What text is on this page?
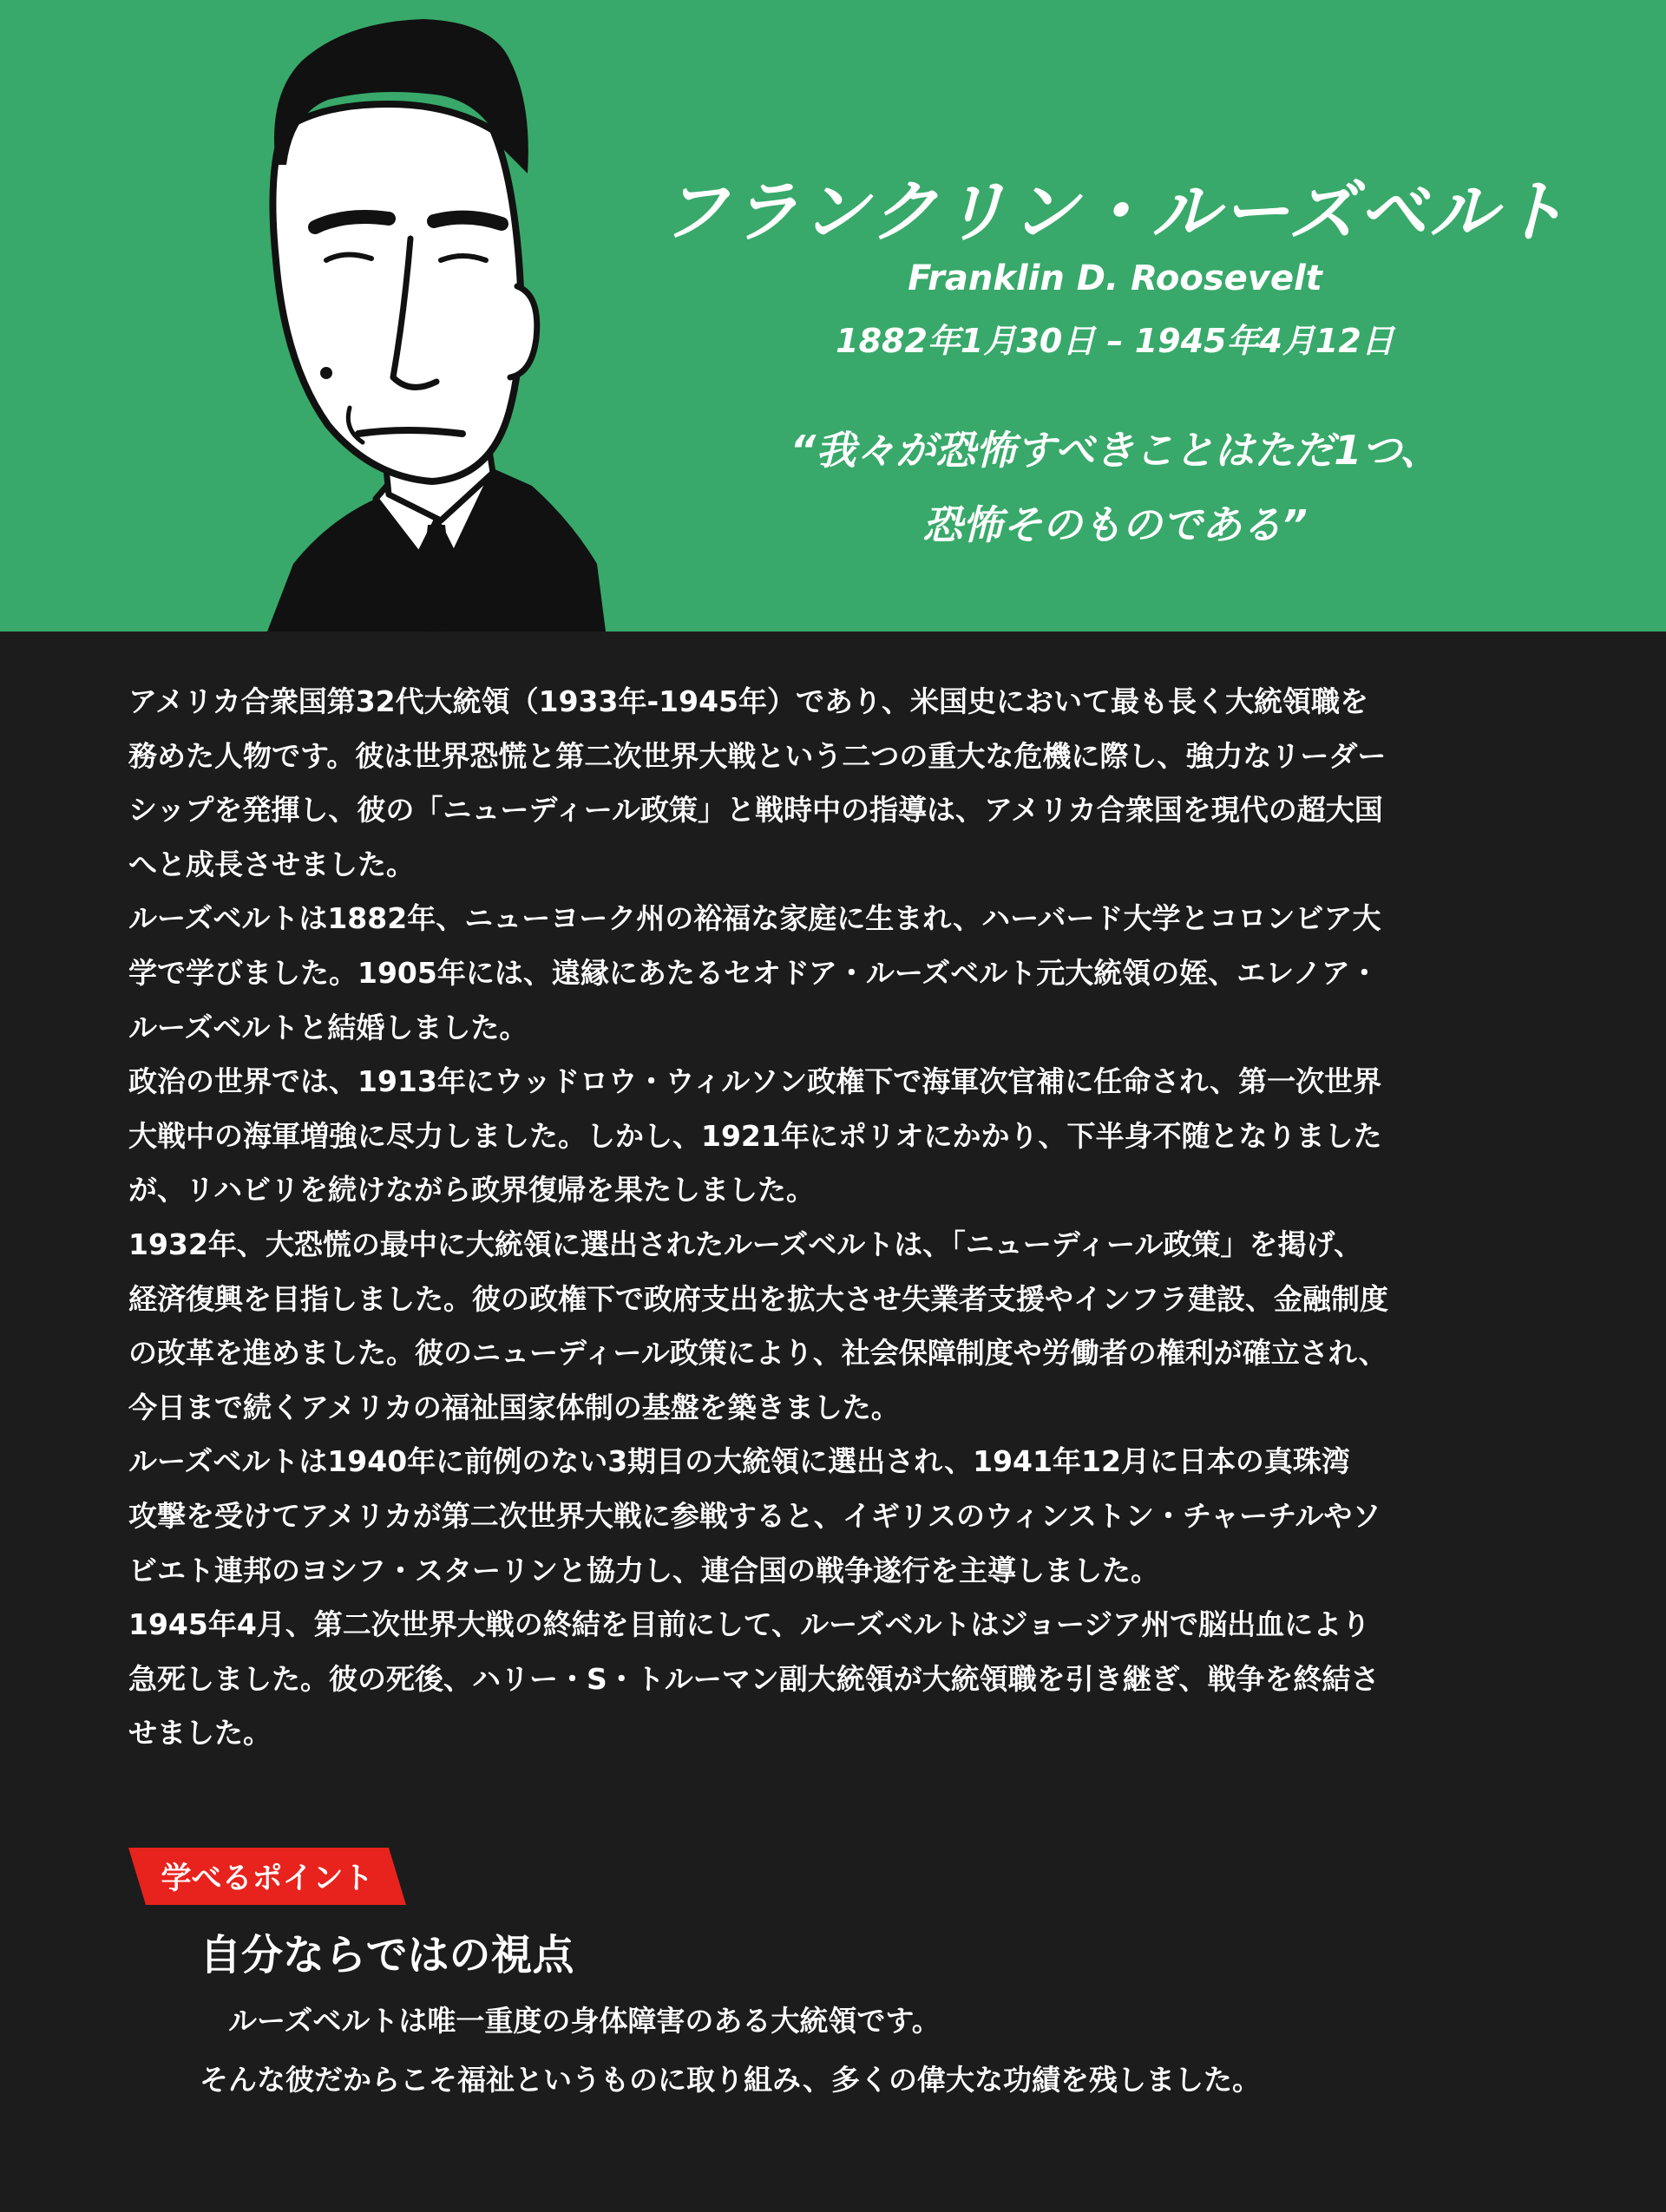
フランクリン・ルーズベルト

Franklin D. Roosevelt

1882年1月30日 – 1945年4月12日

“我々が恐怖すべきことはただ1つ、
恐怖そのものである”
アメリカ合衆国第32代大統領（1933年-1945年）であり、米国史において最も長く大統領職を
務めた人物です。彼は世界恐慌と第二次世界大戦という二つの重大な危機に際し、強力なリーダー
シップを発揮し、彼の「ニューディール政策」と戦時中の指導は、アメリカ合衆国を現代の超大国
へと成長させました。
ルーズベルトは1882年、ニューヨーク州の裕福な家庭に生まれ、ハーバード大学とコロンビア大
学で学びました。1905年には、遠縁にあたるセオドア・ルーズベルト元大統領の姪、エレノア・
ルーズベルトと結婚しました。
政治の世界では、1913年にウッドロウ・ウィルソン政権下で海軍次官補に任命され、第一次世界
大戦中の海軍増強に尽力しました。しかし、1921年にポリオにかかり、下半身不随となりました
が、リハビリを続けながら政界復帰を果たしました。
1932年、大恐慌の最中に大統領に選出されたルーズベルトは、「ニューディール政策」を掲げ、
経済復興を目指しました。彼の政権下で政府支出を拡大させ失業者支援やインフラ建設、金融制度
の改革を進めました。彼のニューディール政策により、社会保障制度や労働者の権利が確立され、
今日まで続くアメリカの福祉国家体制の基盤を築きました。
ルーズベルトは1940年に前例のない3期目の大統領に選出され、1941年12月に日本の真珠湾
攻撃を受けてアメリカが第二次世界大戦に参戦すると、イギリスのウィンストン・チャーチルやソ
ビエト連邦のヨシフ・スターリンと協力し、連合国の戦争遂行を主導しました。
1945年4月、第二次世界大戦の終結を目前にして、ルーズベルトはジョージア州で脳出血により
急死しました。彼の死後、ハリー・S・トルーマン副大統領が大統領職を引き継ぎ、戦争を終結さ
せました。
学べるポイント
自分ならではの視点
　ルーズベルトは唯一重度の身体障害のある大統領です。
そんな彼だからこそ福祉というものに取り組み、多くの偉大な功績を残しました。
